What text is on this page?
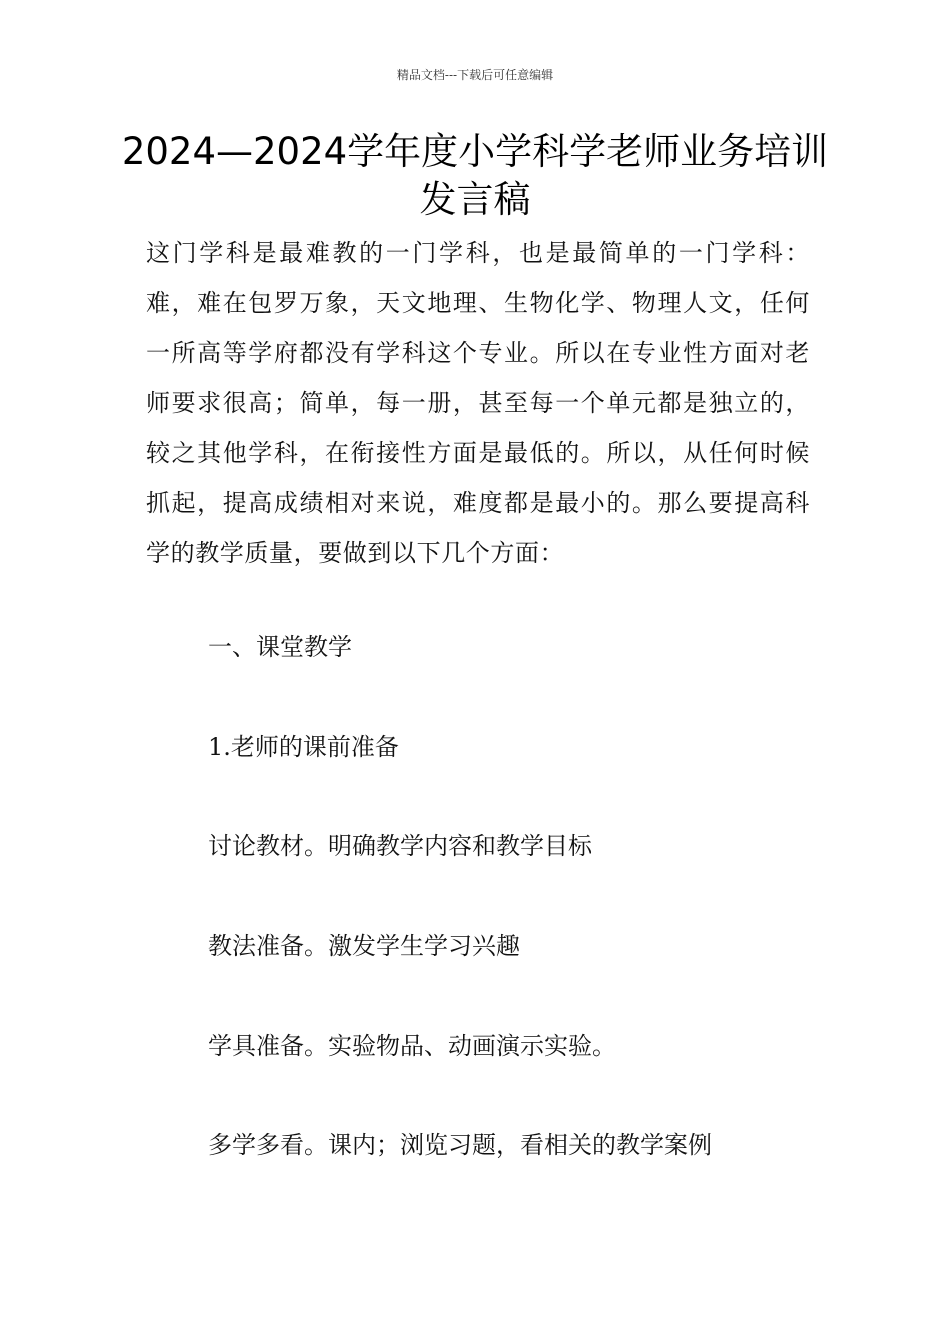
精品文档---下载后可任意编辑
2024—2024学年度小学科学老师业务培训发言稿
这门学科是最难教的一门学科，也是最简单的一门学科：难，难在包罗万象，天文地理、生物化学、物理人文，任何一所高等学府都没有学科这个专业。所以在专业性方面对老师要求很高；简单，每一册，甚至每一个单元都是独立的，较之其他学科，在衔接性方面是最低的。所以，从任何时候抓起，提高成绩相对来说，难度都是最小的。那么要提高科学的教学质量，要做到以下几个方面：
一、课堂教学
1.老师的课前准备
讨论教材。明确教学内容和教学目标
教法准备。激发学生学习兴趣
学具准备。实验物品、动画演示实验。
多学多看。课内；浏览习题，看相关的教学案例
